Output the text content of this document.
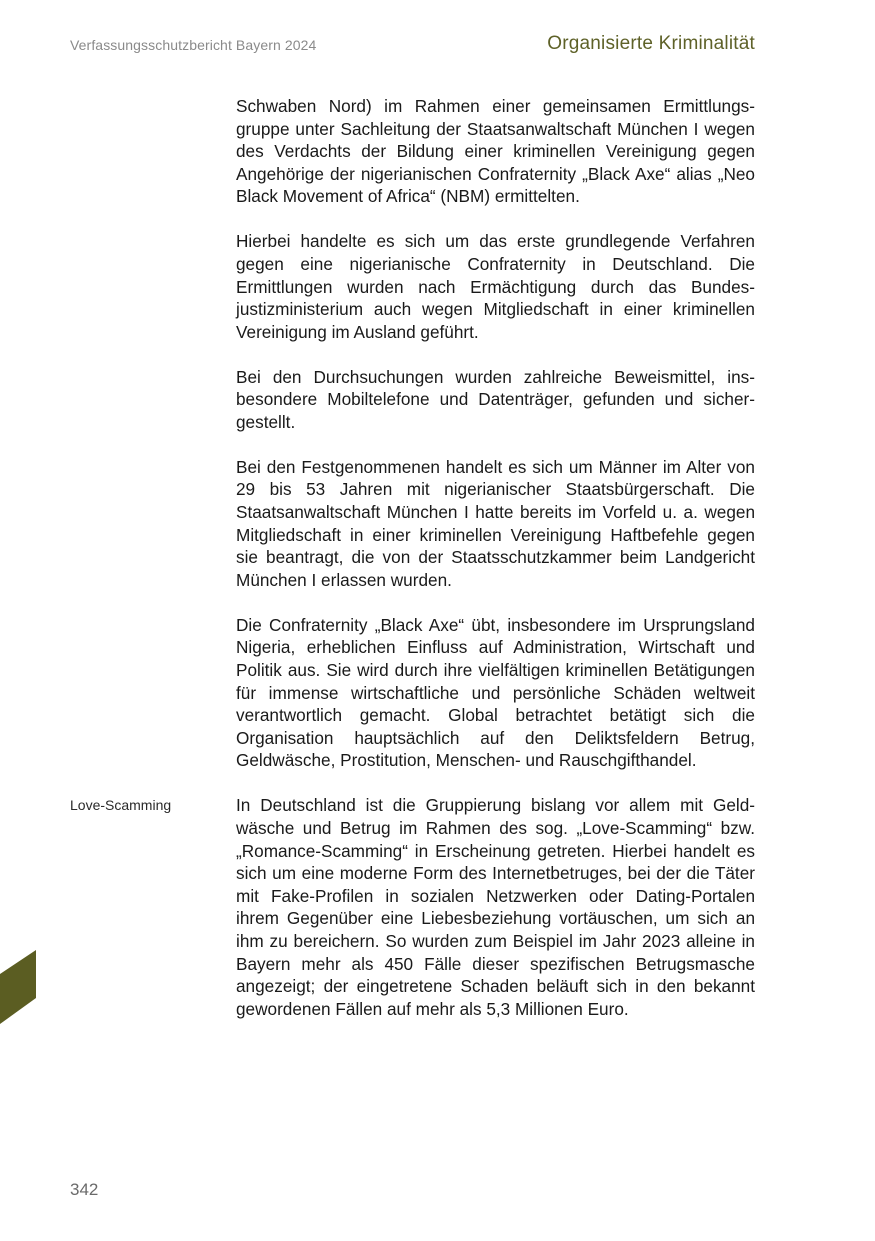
Verfassungsschutzbericht Bayern 2024	Organisierte Kriminalität
Love-Scamming

Schwaben Nord) im Rahmen einer gemeinsamen Ermittlungsgruppe unter Sachleitung der Staatsanwaltschaft München I wegen des Verdachts der Bildung einer kriminellen Vereinigung gegen Angehörige der nigerianischen Confraternity „Black Axe“ alias „Neo Black Movement of Africa“ (NBM) ermittelten.

Hierbei handelte es sich um das erste grundlegende Verfahren gegen eine nigerianische Confraternity in Deutschland. Die Ermittlungen wurden nach Ermächtigung durch das Bundesjustizministerium auch wegen Mitgliedschaft in einer kriminellen Vereinigung im Ausland geführt.

Bei den Durchsuchungen wurden zahlreiche Beweismittel, insbesondere Mobiltelefone und Datenträger, gefunden und sichergestellt.

Bei den Festgenommenen handelt es sich um Männer im Alter von 29 bis 53 Jahren mit nigerianischer Staatsbürgerschaft. Die Staatsanwaltschaft München I hatte bereits im Vorfeld u. a. wegen Mitgliedschaft in einer kriminellen Vereinigung Haftbefehle gegen sie beantragt, die von der Staatsschutzkammer beim Landgericht München I erlassen wurden.

Die Confraternity „Black Axe“ übt, insbesondere im Ursprungsland Nigeria, erheblichen Einfluss auf Administration, Wirtschaft und Politik aus. Sie wird durch ihre vielfältigen kriminellen Betätigungen für immense wirtschaftliche und persönliche Schäden weltweit verantwortlich gemacht. Global betrachtet betätigt sich die Organisation hauptsächlich auf den Deliktsfeldern Betrug, Geldwäsche, Prostitution, Menschen- und Rauschgifthandel.

In Deutschland ist die Gruppierung bislang vor allem mit Geldwäsche und Betrug im Rahmen des sog. „Love-Scamming“ bzw. „Romance-Scamming“ in Erscheinung getreten. Hierbei handelt es sich um eine moderne Form des Internetbetruges, bei der die Täter mit Fake-Profilen in sozialen Netzwerken oder Dating-Portalen ihrem Gegenüber eine Liebesbeziehung vortäuschen, um sich an ihm zu bereichern. So wurden zum Beispiel im Jahr 2023 alleine in Bayern mehr als 450 Fälle dieser spezifischen Betrugsmasche angezeigt; der eingetretene Schaden beläuft sich in den bekannt gewordenen Fällen auf mehr als 5,3 Millionen Euro.

342
